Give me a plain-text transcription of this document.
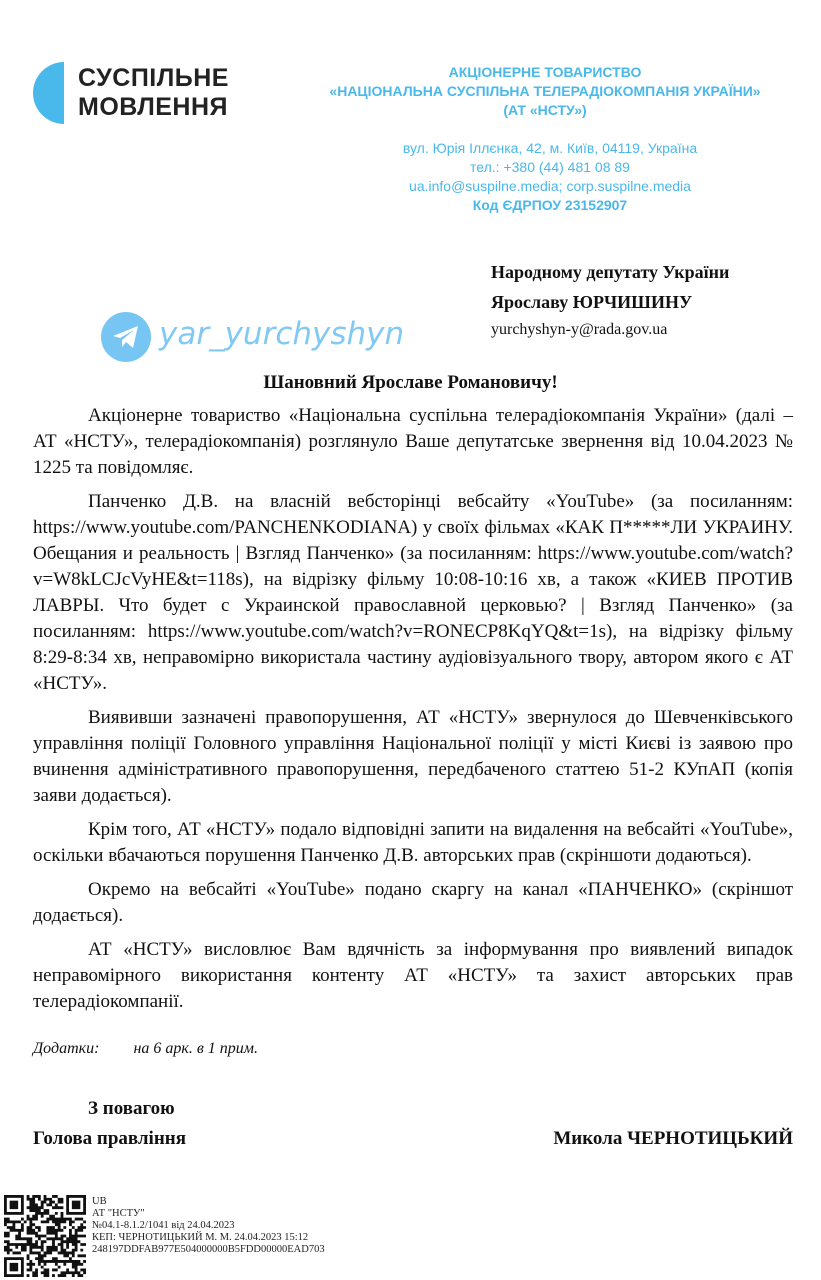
СУСПІЛЬНЕ
МОВЛЕННЯ

АКЦІОНЕРНЕ ТОВАРИСТВО
«НАЦІОНАЛЬНА СУСПІЛЬНА ТЕЛЕРАДІОКОМПАНІЯ УКРАЇНИ»
(АТ «НСТУ»)
вул. Юрія Іллєнка, 42, м. Київ, 04119, Україна
тел.: +380 (44) 481 08 89
ua.info@suspilne.media; corp.suspilne.media
Код ЄДРПОУ 23152907
Народному депутату України
Ярославу ЮРЧИШИНУ
yurchyshyn-y@rada.gov.ua
yar_yurchyshyn
Шановний Ярославе Романовичу!

Акціонерне товариство «Національна суспільна телерадіокомпанія України» (далі – АТ «НСТУ», телерадіокомпанія) розглянуло Ваше депутатське звернення від 10.04.2023 № 1225 та повідомляє.

Панченко Д.В. на власній вебсторінці вебсайту «YouTube» (за посиланням: https://www.youtube.com/PANCHENKODIANA) у своїх фільмах «КАК П*****ЛИ УКРАИНУ. Обещания и реальность | Взгляд Панченко» (за посиланням: https://www.youtube.com/watch?v=W8kLCJcVyHE&t=118s), на відрізку фільму 10:08-10:16 хв, а також «КИЕВ ПРОТИВ ЛАВРЫ. Что будет с Украинской православной церковью? | Взгляд Панченко» (за посиланням: https://www.youtube.com/watch?v=RONECP8KqYQ&t=1s), на відрізку фільму 8:29-8:34 хв, неправомірно використала частину аудіовізуального твору, автором якого є АТ «НСТУ».

Виявивши зазначені правопорушення, АТ «НСТУ» звернулося до Шевченківського управління поліції Головного управління Національної поліції у місті Києві із заявою про вчинення адміністративного правопорушення, передбаченого статтею 51-2 КУпАП (копія заяви додається).

Крім того, АТ «НСТУ» подало відповідні запити на видалення на вебсайті «YouTube», оскільки вбачаються порушення Панченко Д.В. авторських прав (скріншоти додаються).

Окремо на вебсайті «YouTube» подано скаргу на канал «ПАНЧЕНКО» (скріншот додається).

АТ «НСТУ» висловлює Вам вдячність за інформування про виявлений випадок неправомірного використання контенту АТ «НСТУ» та захист авторських прав телерадіокомпанії.

Додатки: на 6 арк. в 1 прим.
З повагою
Голова правління	Микола ЧЕРНОТИЦЬКИЙ
UB
АТ "НСТУ"
№04.1-8.1.2/1041 від 24.04.2023
КЕП: ЧЕРНОТИЦЬКИЙ М. М. 24.04.2023 15:12
248197DDFAB977E504000000B5FDD00000EAD703
